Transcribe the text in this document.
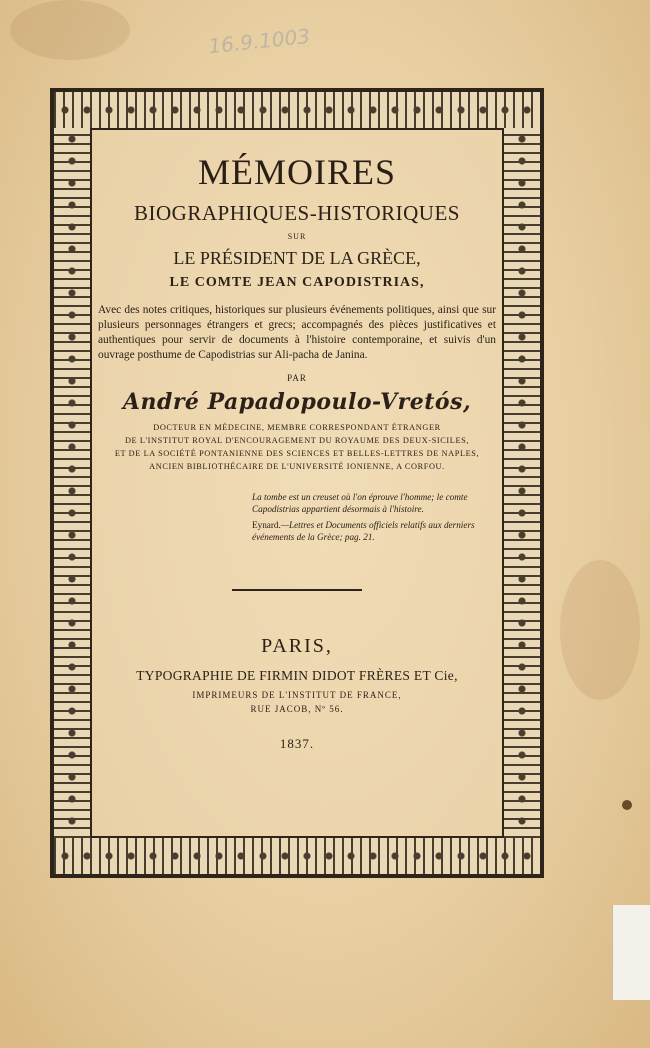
16.9.1003
MÉMOIRES
BIOGRAPHIQUES-HISTORIQUES
SUR
LE PRÉSIDENT DE LA GRÈCE,
LE COMTE JEAN CAPODISTRIAS,
Avec des notes critiques, historiques sur plusieurs événements politiques, ainsi que sur plusieurs personnages étrangers et grecs; accompagnés des pièces justificatives et authentiques pour servir de documents à l'histoire contemporaine, et suivis d'un ouvrage posthume de Capodistrias sur Ali-pacha de Janina.
PAR
André Papadopoulo-Vretós,
DOCTEUR EN MÉDECINE, MEMBRE CORRESPONDANT ÉTRANGER
DE L'INSTITUT ROYAL D'ENCOURAGEMENT DU ROYAUME DES DEUX-SICILES,
ET DE LA SOCIÉTÉ PONTANIENNE DES SCIENCES ET BELLES-LETTRES DE NAPLES,
ANCIEN BIBLIOTHÉCAIRE DE L'UNIVERSITÉ IONIENNE, A CORFOU.
La tombe est un creuset où l'on éprouve l'homme; le comte Capodistrias appartient désormais à l'histoire.
Eynard.—Lettres et Documents officiels relatifs aux derniers événements de la Grèce; pag. 21.
PARIS,
TYPOGRAPHIE DE FIRMIN DIDOT FRÈRES ET Cie,
IMPRIMEURS DE L'INSTITUT DE FRANCE,
RUE JACOB, Nº 56.
1837.
